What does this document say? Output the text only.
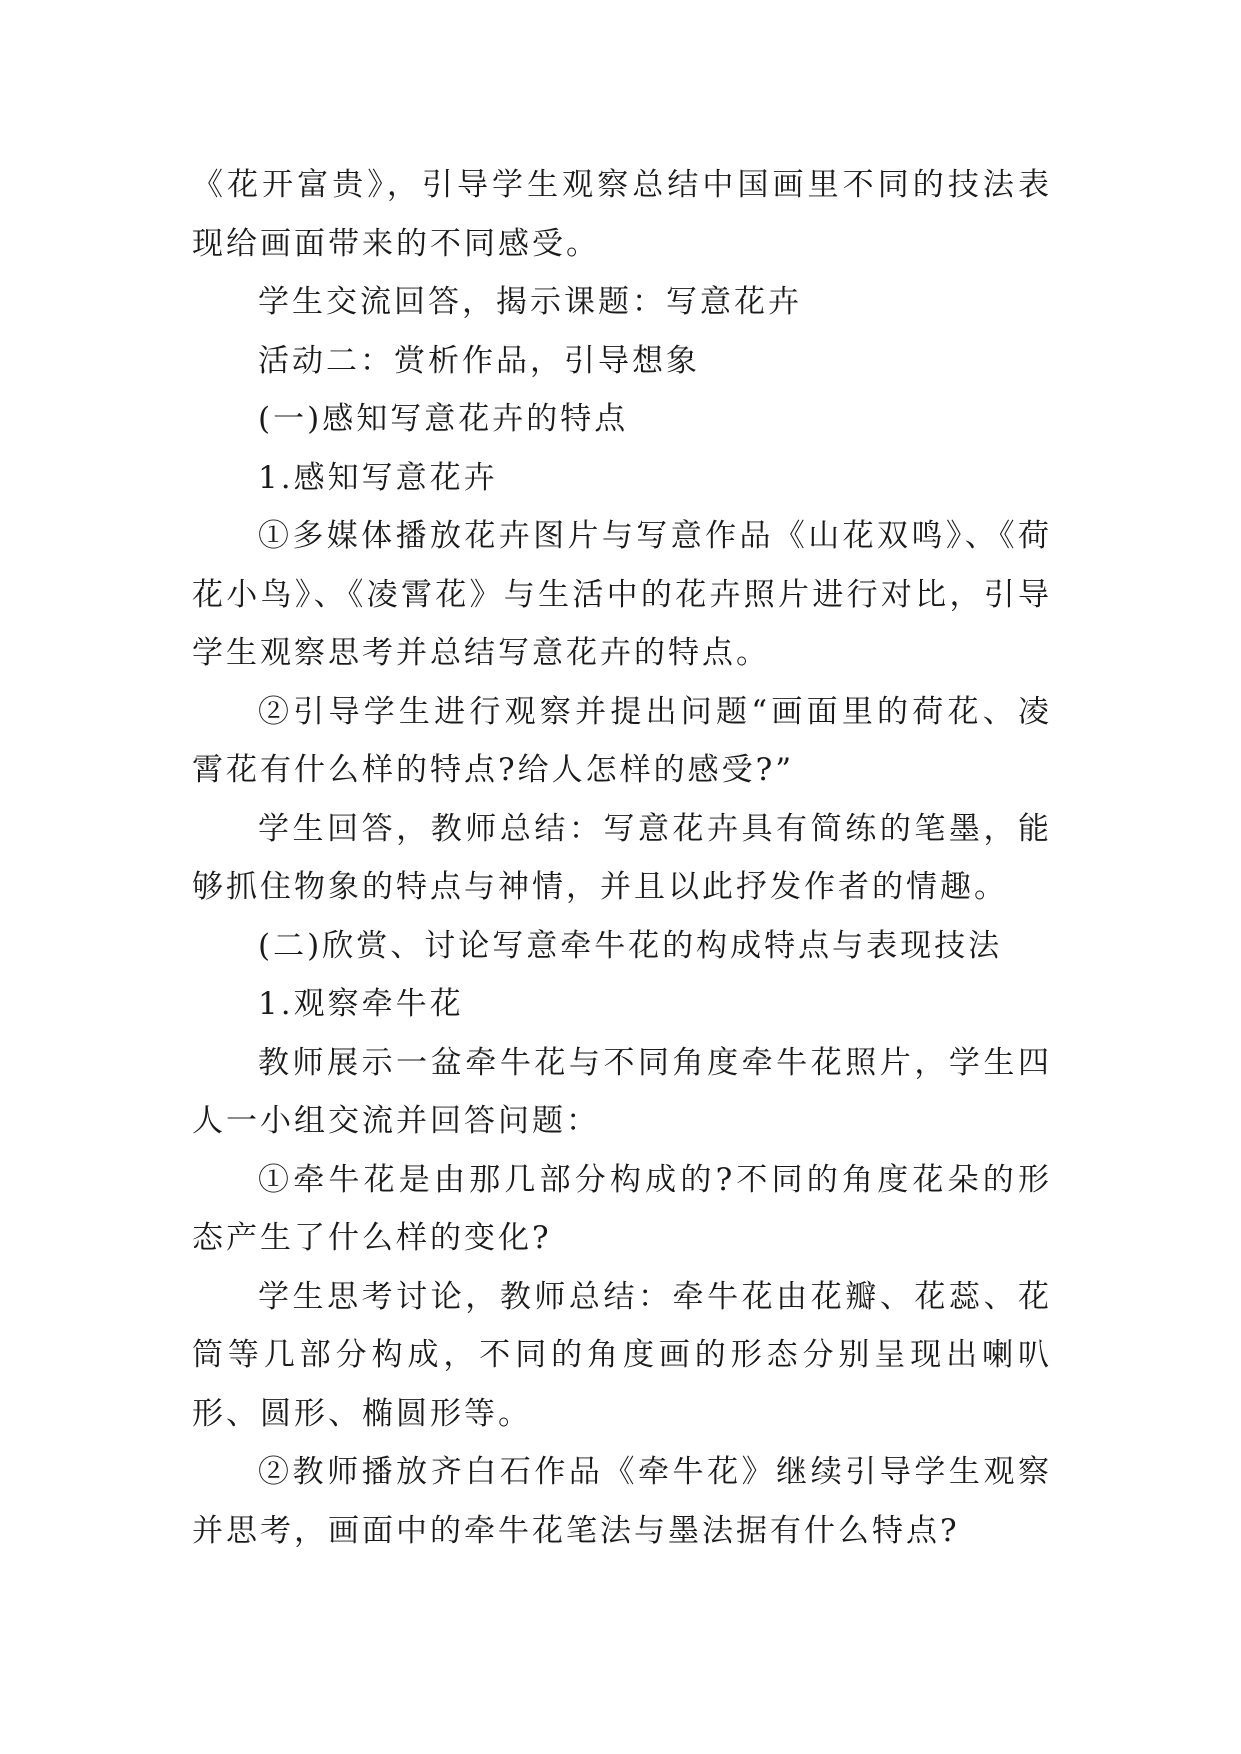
《花开富贵》，引导学生观察总结中国画里不同的技法表现给画面带来的不同感受。

学生交流回答，揭示课题：写意花卉

活动二：赏析作品，引导想象

(一)感知写意花卉的特点

1.感知写意花卉

①多媒体播放花卉图片与写意作品《山花双鸣》、《荷花小鸟》、《凌霄花》与生活中的花卉照片进行对比，引导学生观察思考并总结写意花卉的特点。

②引导学生进行观察并提出问题“画面里的荷花、凌霄花有什么样的特点?给人怎样的感受?”

学生回答，教师总结：写意花卉具有简练的笔墨，能够抓住物象的特点与神情，并且以此抒发作者的情趣。

(二)欣赏、讨论写意牵牛花的构成特点与表现技法

1.观察牵牛花

教师展示一盆牵牛花与不同角度牵牛花照片，学生四人一小组交流并回答问题：

①牵牛花是由那几部分构成的?不同的角度花朵的形态产生了什么样的变化?

学生思考讨论，教师总结：牵牛花由花瓣、花蕊、花筒等几部分构成，不同的角度画的形态分别呈现出喇叭形、圆形、椭圆形等。

②教师播放齐白石作品《牵牛花》继续引导学生观察并思考，画面中的牵牛花笔法与墨法据有什么特点?
